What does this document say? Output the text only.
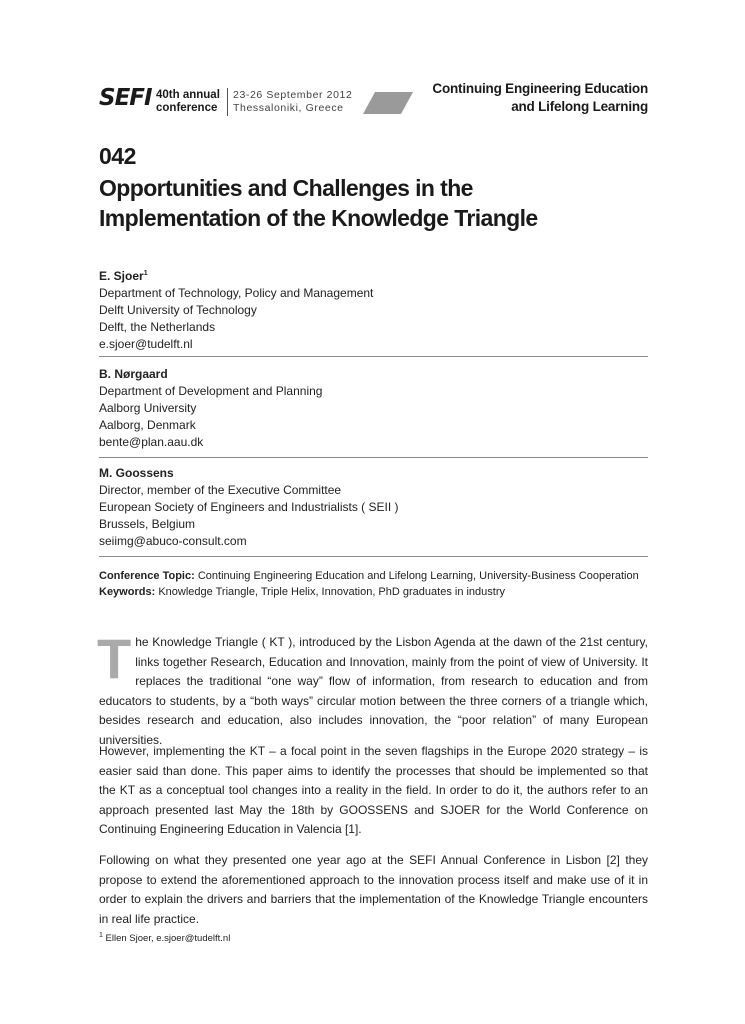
SEFI 40th annual
conference
23-26 September 2012
Thessaloniki, Greece
Continuing Engineering Education
and Lifelong Learning
042
Opportunities and Challenges in the
Implementation of the Knowledge Triangle
E. Sjoer$^1$
Department of Technology, Policy and Management
Delft University of Technology
Delft, the Netherlands
e.sjoer@tudelft.nl
B. Nørgaard
Department of Development and Planning
Aalborg University
Aalborg, Denmark
bente@plan.aau.dk
M. Goossens
Director, member of the Executive Committee
European Society of Engineers and Industrialists ( SEII )
Brussels, Belgium
seiimg@abuco-consult.com
Conference Topic: Continuing Engineering Education and Lifelong Learning, University-Business Cooperation
Keywords: Knowledge Triangle, Triple Helix, Innovation, PhD graduates in industry
The Knowledge Triangle ( KT ), introduced by the Lisbon Agenda at the dawn of the 21st century, links together Research, Education and Innovation, mainly from the point of view of University. It replaces the traditional “one way” flow of information, from research to education and from educators to students, by a “both ways” circular motion between the three corners of a triangle which, besides research and education, also includes innovation, the “poor relation” of many European universities.
However, implementing the KT – a focal point in the seven flagships in the Europe 2020 strategy – is easier said than done. This paper aims to identify the processes that should be implemented so that the KT as a conceptual tool changes into a reality in the field. In order to do it, the authors refer to an approach presented last May the 18th by GOOSSENS and SJOER for the World Conference on Continuing Engineering Education in Valencia [1].
Following on what they presented one year ago at the SEFI Annual Conference in Lisbon [2] they propose to extend the aforementioned approach to the innovation process itself and make use of it in order to explain the drivers and barriers that the implementation of the Knowledge Triangle encounters in real life practice.
$^1$ Ellen Sjoer, e.sjoer@tudelft.nl
